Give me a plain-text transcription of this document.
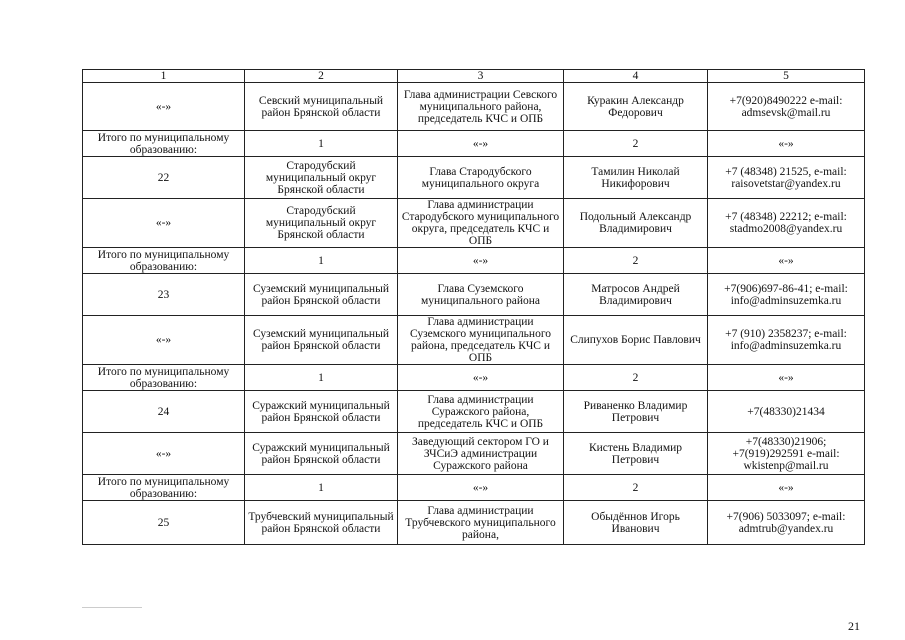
1	2	3	4	5
«-»	Севский муниципальный район Брянской области	Глава администрации Севского муниципального района, председатель КЧС и ОПБ	Куракин Александр Федорович	+7(920)8490222 e-mail: admsevsk@mail.ru
Итого по муниципальному образованию:	1	«-»	2	«-»
22	Стародубский муниципальный округ Брянской области	Глава Стародубского муниципального округа	Тамилин Николай Никифорович	+7 (48348) 21525, e-mail: raisovetstar@yandex.ru
«-»	Стародубский муниципальный округ Брянской области	Глава администрации Стародубского муниципального округа, председатель КЧС и ОПБ	Подольный Александр Владимирович	+7 (48348) 22212; e-mail: stadmo2008@yandex.ru
Итого по муниципальному образованию:	1	«-»	2	«-»
23	Суземский муниципальный район Брянской области	Глава Суземского муниципального района	Матросов Андрей Владимирович	+7(906)697-86-41; e-mail: info@adminsuzemka.ru
«-»	Суземский муниципальный район Брянской области	Глава администрации Суземского муниципального района, председатель КЧС и ОПБ	Слипухов Борис Павлович	+7 (910) 2358237; e-mail: info@adminsuzemka.ru
Итого по муниципальному образованию:	1	«-»	2	«-»
24	Суражский муниципальный район Брянской области	Глава администрации Суражского района, председатель КЧС и ОПБ	Риваненко Владимир Петрович	+7(48330)21434
«-»	Суражский муниципальный район Брянской области	Заведующий сектором ГО и ЗЧСиЭ администрации Суражского района	Кистень Владимир Петрович	+7(48330)21906; +7(919)292591 e-mail: wkistenp@mail.ru
Итого по муниципальному образованию:	1	«-»	2	«-»
25	Трубчевский муниципальный район Брянской области	Глава администрации Трубчевского муниципального района,	Обыдённов Игорь Иванович	+7(906) 5033097; e-mail: admtrub@yandex.ru
21
